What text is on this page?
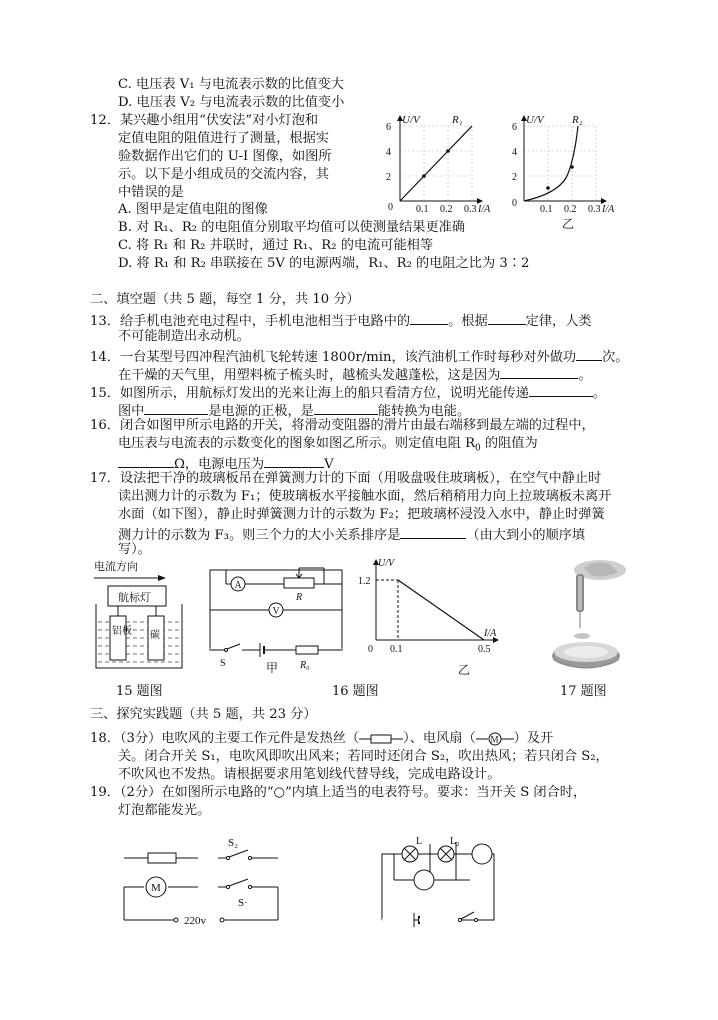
C. 电压表 V₁ 与电流表示数的比值变大
D. 电压表 V₂ 与电流表示数的比值变小
12．某兴趣小组用“伏安法”对小灯泡和
定值电阻的阻值进行了测量，根据实
验数据作出它们的 U-I 图像，如图所
示。以下是小组成员的交流内容，其
中错误的是
A. 图甲是定值电阻的图像
B. 对 R₁、R₂ 的电阻值分别取平均值可以使测量结果更准确
C. 将 R₁ 和 R₂ 并联时，通过 R₁、R₂ 的电流可能相等
D. 将 R₁ 和 R₂ 串联接在 5V 的电源两端，R₁、R₂ 的电阻之比为 3∶2
U/V	R₁
6
4
2
0 0.1 0.2 0.3 I/A
U/V	R₂
6
4
2
0
0.1 0.2 0.3 I/A
乙
二、填空题（共 5 题，每空 1 分，共 10 分）
13．给手机电池充电过程中，手机电池相当于电路中的	。根据	定律，人类
不可能制造出永动机。
14．一台某型号四冲程汽油机飞轮转速 1800r/min，该汽油机工作时每秒对外做功 次。
在干燥的天气里，用塑料梳子梳头时，越梳头发越蓬松，这是因为	。
15．如图所示，用航标灯发出的光来让海上的船只看清方位，说明光能传递	。
图中	是电源的正极，是	能转换为电能。
16．闭合如图甲所示电路的开关，将滑动变阻器的滑片由最右端移到最左端的过程中，
电压表与电流表的示数变化的图象如图乙所示。则定值电阻 $R_0$ 的阻值为
Ω，电源电压为	V
17．设法把干净的玻璃板吊在弹簧测力计的下面（用吸盘吸住玻璃板），在空气中静止时
读出测力计的示数为 F₁；使玻璃板水平接触水面，然后稍稍用力向上拉玻璃板未离开
水面（如下图），静止时弹簧测力计的示数为 F₂；把玻璃杯浸没入水中，静止时弹簧
测力计的示数为 F₃。则三个力的大小关系排序是	（由大到小的顺序填
写）。
电流方向
航标灯
铝板 碳
15 题图
A
R
V
S	R₀
甲
U/V
1.2
0 0.1	0.5
I/A
乙
16 题图	17 题图
三、探究实践题（共 5 题，共 23 分）
18．（3分）电吹风的主要工作元件是发热丝（	）、电风扇（ M ）及开
关。闭合开关 S₁，电吹风即吹出风来；若同时还闭合 S₂，吹出热风；若只闭合 S₂，
不吹风也不发热。请根据要求用笔划线代替导线，完成电路设计。
19．（2分）在如图所示电路的“○”内填上适当的电表符号。要求：当开关 S 闭合时，
灯泡都能发光。
S₂
M
S·
220v
L	L₂
